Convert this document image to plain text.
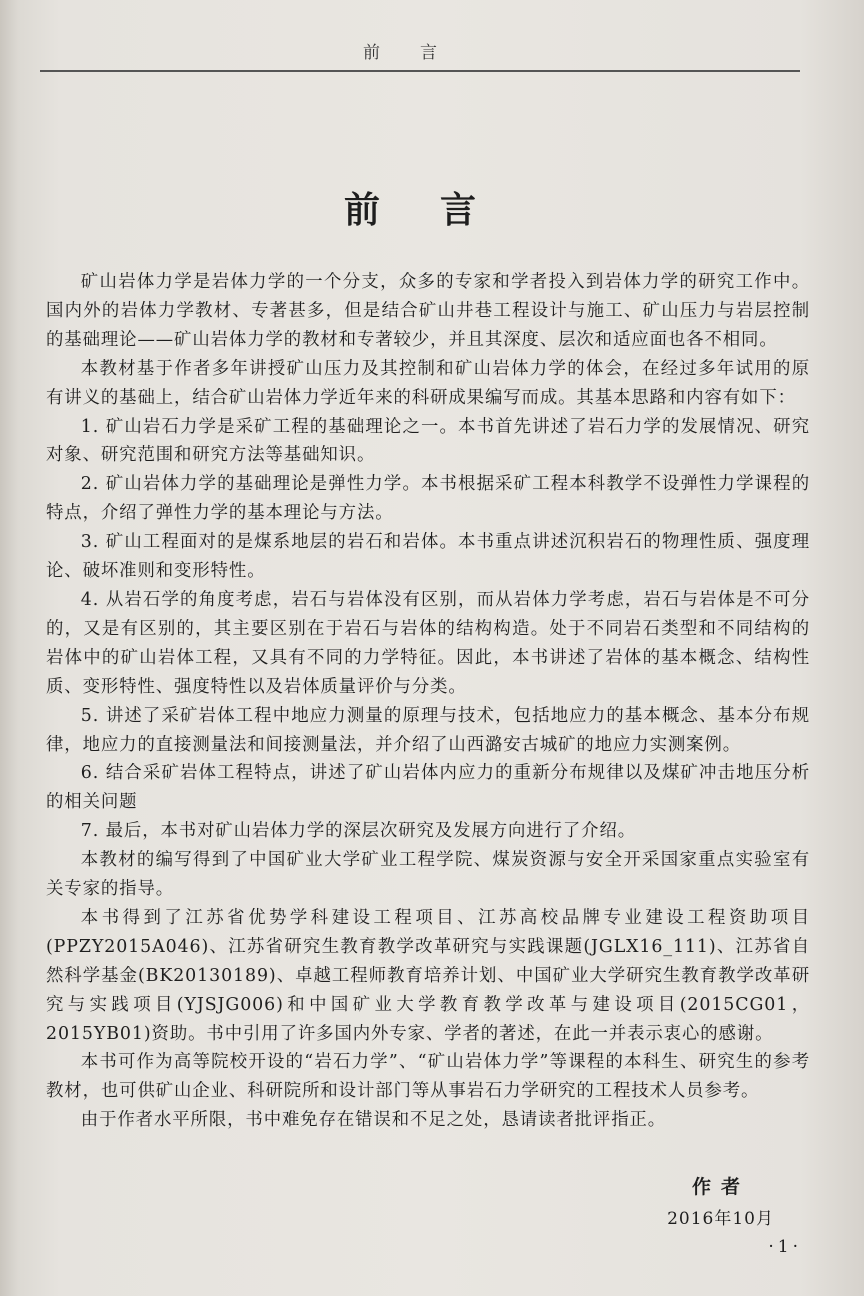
前言
前言

矿山岩体力学是岩体力学的一个分支，众多的专家和学者投入到岩体力学的研究工作中。国内外的岩体力学教材、专著甚多，但是结合矿山井巷工程设计与施工、矿山压力与岩层控制的基础理论——矿山岩体力学的教材和专著较少，并且其深度、层次和适应面也各不相同。

本教材基于作者多年讲授矿山压力及其控制和矿山岩体力学的体会，在经过多年试用的原有讲义的基础上，结合矿山岩体力学近年来的科研成果编写而成。其基本思路和内容有如下：

1. 矿山岩石力学是采矿工程的基础理论之一。本书首先讲述了岩石力学的发展情况、研究对象、研究范围和研究方法等基础知识。

2. 矿山岩体力学的基础理论是弹性力学。本书根据采矿工程本科教学不设弹性力学课程的特点，介绍了弹性力学的基本理论与方法。

3. 矿山工程面对的是煤系地层的岩石和岩体。本书重点讲述沉积岩石的物理性质、强度理论、破坏准则和变形特性。

4. 从岩石学的角度考虑，岩石与岩体没有区别，而从岩体力学考虑，岩石与岩体是不可分的，又是有区别的，其主要区别在于岩石与岩体的结构构造。处于不同岩石类型和不同结构的岩体中的矿山岩体工程，又具有不同的力学特征。因此，本书讲述了岩体的基本概念、结构性质、变形特性、强度特性以及岩体质量评价与分类。

5. 讲述了采矿岩体工程中地应力测量的原理与技术，包括地应力的基本概念、基本分布规律，地应力的直接测量法和间接测量法，并介绍了山西潞安古城矿的地应力实测案例。

6. 结合采矿岩体工程特点，讲述了矿山岩体内应力的重新分布规律以及煤矿冲击地压分析的相关问题

7. 最后，本书对矿山岩体力学的深层次研究及发展方向进行了介绍。

本教材的编写得到了中国矿业大学矿业工程学院、煤炭资源与安全开采国家重点实验室有关专家的指导。

本书得到了江苏省优势学科建设工程项目、江苏高校品牌专业建设工程资助项目(PPZY2015A046)、江苏省研究生教育教学改革研究与实践课题(JGLX16_111)、江苏省自然科学基金(BK20130189)、卓越工程师教育培养计划、中国矿业大学研究生教育教学改革研究与实践项目(YJSJG006)和中国矿业大学教育教学改革与建设项目(2015CG01，2015YB01)资助。书中引用了许多国内外专家、学者的著述，在此一并表示衷心的感谢。

本书可作为高等院校开设的“岩石力学”、“矿山岩体力学”等课程的本科生、研究生的参考教材，也可供矿山企业、科研院所和设计部门等从事岩石力学研究的工程技术人员参考。

由于作者水平所限，书中难免存在错误和不足之处，恳请读者批评指正。

作者
2016年10月
·1·
